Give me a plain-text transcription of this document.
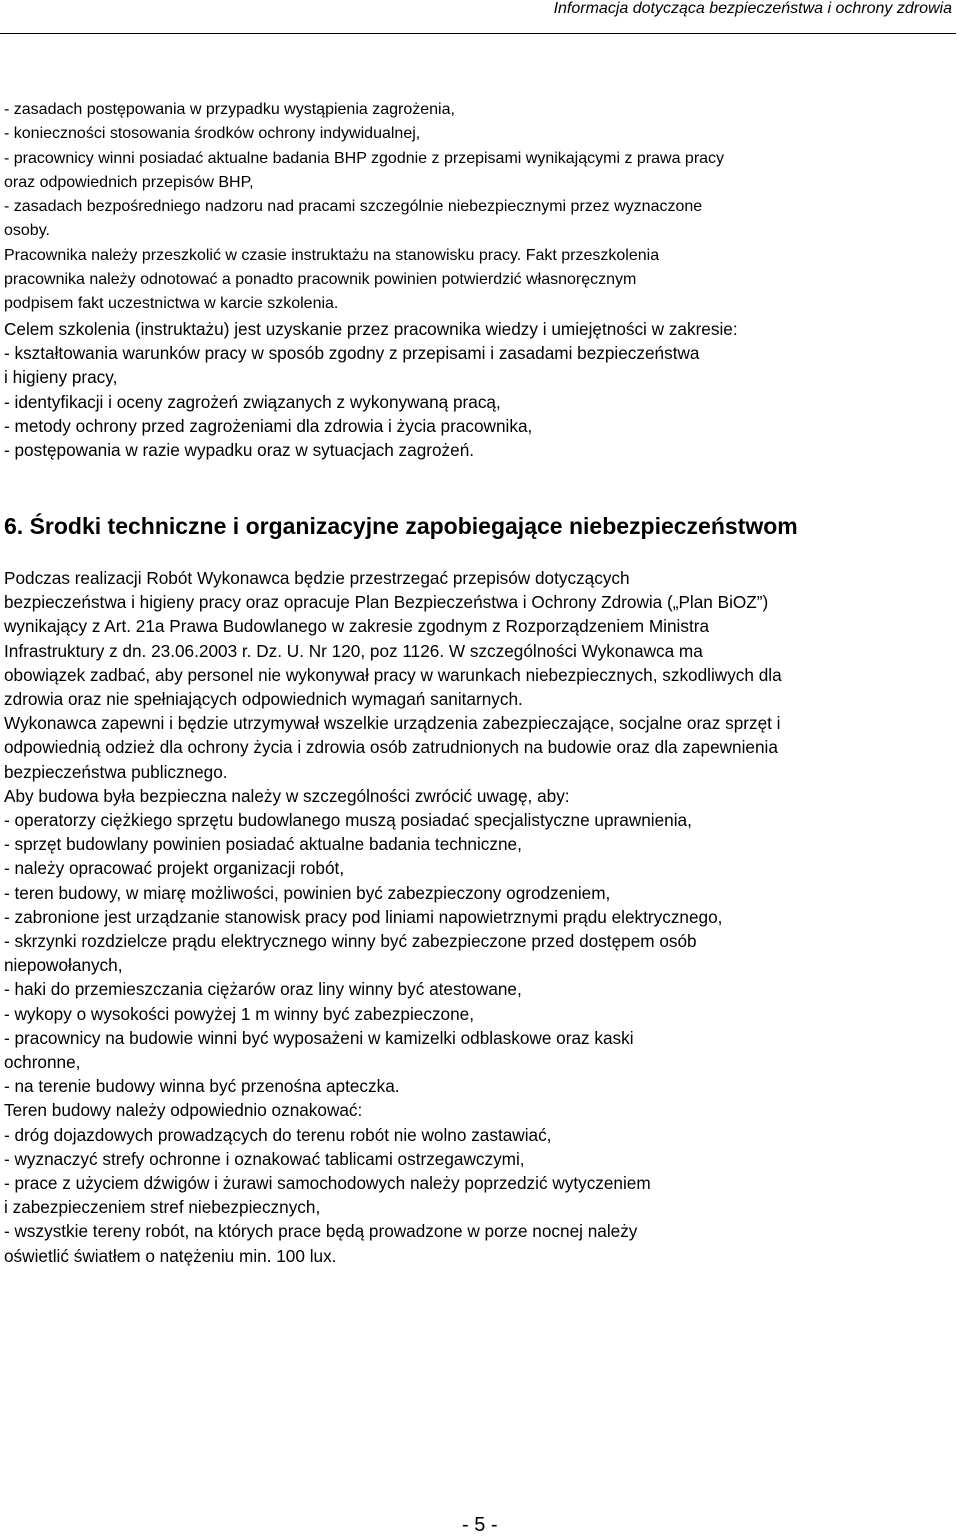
Informacja dotycząca bezpieczeństwa i ochrony zdrowia
- zasadach postępowania w przypadku wystąpienia zagrożenia,
- konieczności stosowania środków ochrony indywidualnej,
- pracownicy winni posiadać aktualne badania BHP zgodnie z przepisami wynikającymi z prawa pracy
oraz odpowiednich przepisów BHP,
- zasadach bezpośredniego nadzoru nad pracami szczególnie niebezpiecznymi przez wyznaczone
osoby.
Pracownika należy przeszkolić w czasie instruktażu na stanowisku pracy. Fakt przeszkolenia
pracownika należy odnotować a ponadto pracownik powinien potwierdzić własnoręcznym
podpisem fakt uczestnictwa w karcie szkolenia.
Celem szkolenia (instruktażu) jest uzyskanie przez pracownika wiedzy i umiejętności w zakresie:
- kształtowania warunków pracy w sposób zgodny z przepisami i zasadami bezpieczeństwa
i higieny pracy,
- identyfikacji i oceny zagrożeń związanych z wykonywaną pracą,
- metody ochrony przed zagrożeniami dla zdrowia i życia pracownika,
- postępowania w razie wypadku oraz w sytuacjach zagrożeń.
6. Środki techniczne i organizacyjne zapobiegające niebezpieczeństwom
Podczas realizacji Robót Wykonawca będzie przestrzegać przepisów dotyczących
bezpieczeństwa i higieny pracy oraz opracuje Plan Bezpieczeństwa i Ochrony Zdrowia („Plan BiOZ”)
wynikający z Art. 21a Prawa Budowlanego w zakresie zgodnym z Rozporządzeniem Ministra
Infrastruktury z dn. 23.06.2003 r. Dz. U. Nr 120, poz 1126. W szczególności Wykonawca ma
obowiązek zadbać, aby personel nie wykonywał pracy w warunkach niebezpiecznych, szkodliwych dla
zdrowia oraz nie spełniających odpowiednich wymagań sanitarnych.
Wykonawca zapewni i będzie utrzymywał wszelkie urządzenia zabezpieczające, socjalne oraz sprzęt i
odpowiednią odzież dla ochrony życia i zdrowia osób zatrudnionych na budowie oraz dla zapewnienia
bezpieczeństwa publicznego.
Aby budowa była bezpieczna należy w szczególności zwrócić uwagę, aby:
- operatorzy ciężkiego sprzętu budowlanego muszą posiadać specjalistyczne uprawnienia,
- sprzęt budowlany powinien posiadać aktualne badania techniczne,
- należy opracować projekt organizacji robót,
- teren budowy, w miarę możliwości, powinien być zabezpieczony ogrodzeniem,
- zabronione jest urządzanie stanowisk pracy pod liniami napowietrznymi prądu elektrycznego,
- skrzynki rozdzielcze prądu elektrycznego winny być zabezpieczone przed dostępem osób
niepowołanych,
- haki do przemieszczania ciężarów oraz liny winny być atestowane,
- wykopy o wysokości powyżej 1 m winny być zabezpieczone,
- pracownicy na budowie winni być wyposażeni w kamizelki odblaskowe oraz kaski
ochronne,
- na terenie budowy winna być przenośna apteczka.
Teren budowy należy odpowiednio oznakować:
- dróg dojazdowych prowadzących do terenu robót nie wolno zastawiać,
- wyznaczyć strefy ochronne i oznakować tablicami ostrzegawczymi,
- prace z użyciem dźwigów i żurawi samochodowych należy poprzedzić wytyczeniem
i zabezpieczeniem stref niebezpiecznych,
- wszystkie tereny robót, na których prace będą prowadzone w porze nocnej należy
oświetlić światłem o natężeniu min. 100 lux.
- 5 -
